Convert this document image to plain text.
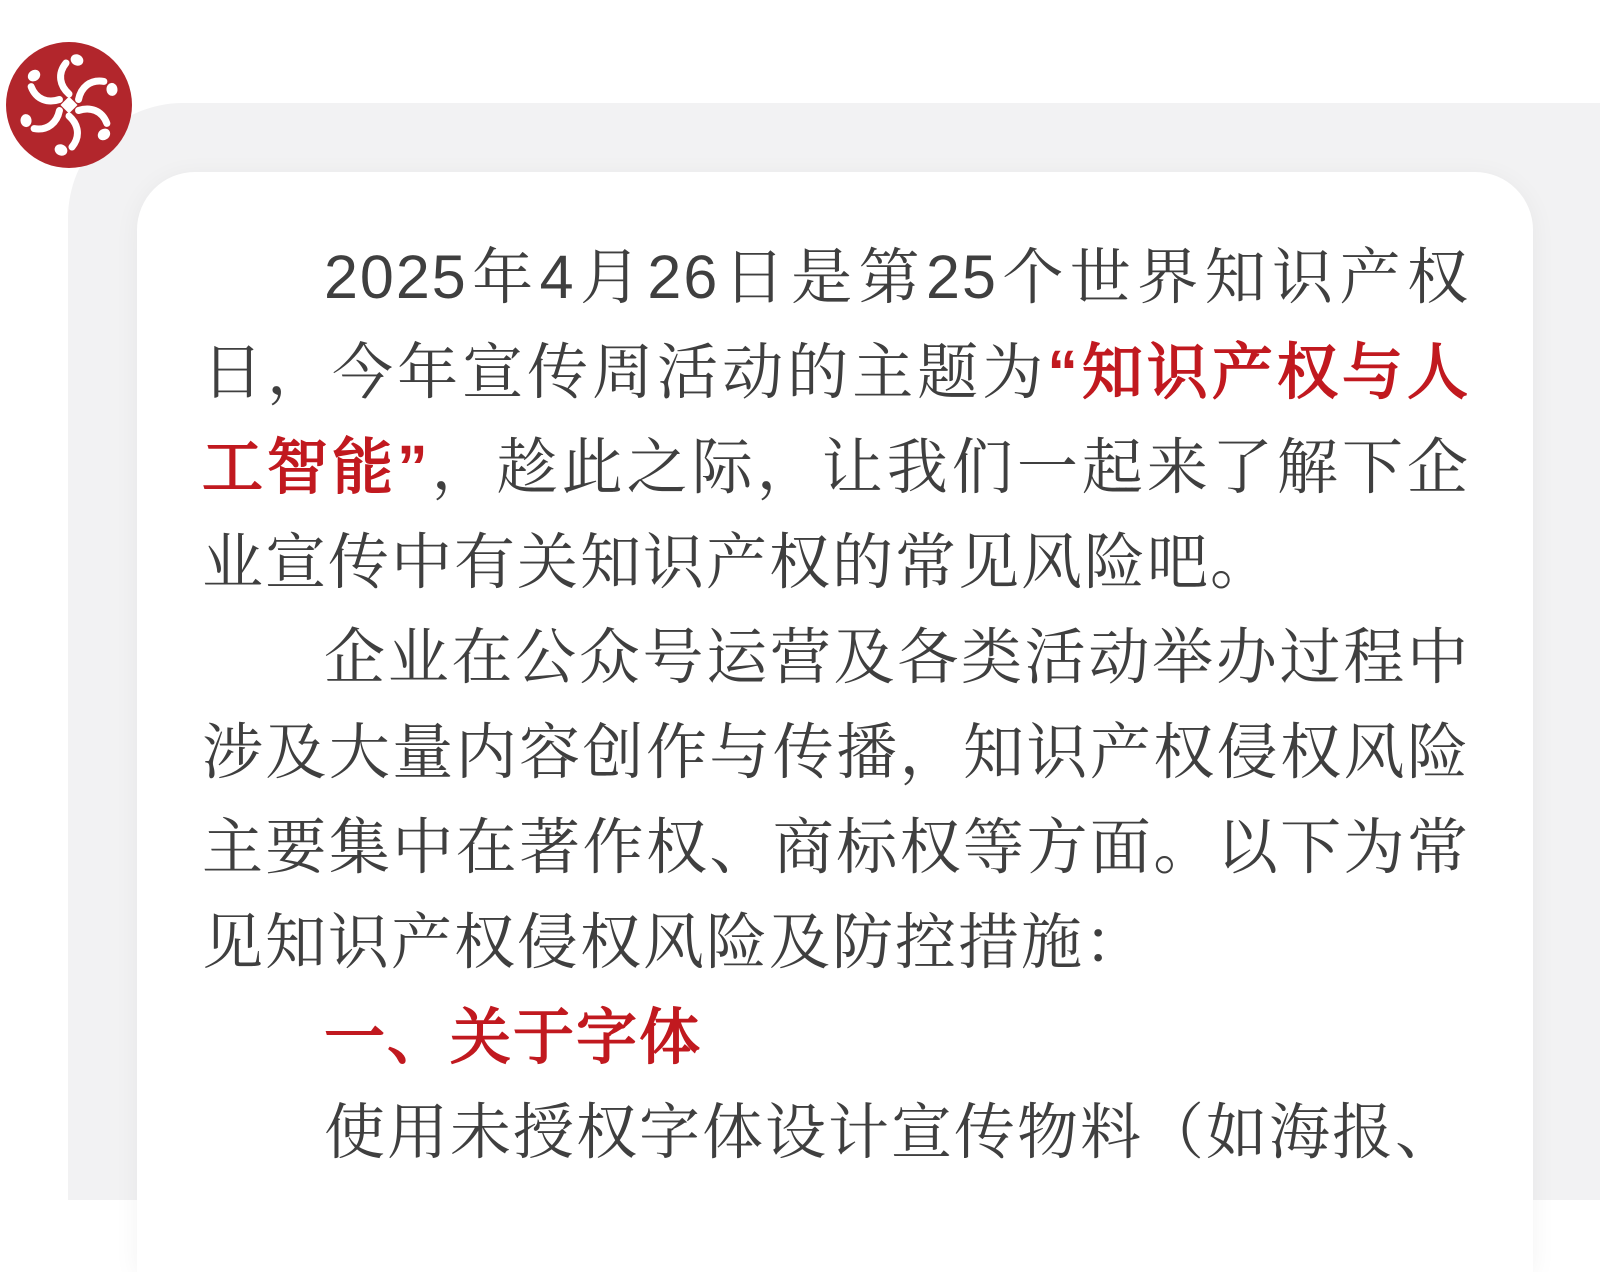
2025年4月26日是第25个世界知识产权日，今年宣传周活动的主题为“知识产权与人工智能”，趁此之际，让我们一起来了解下企业宣传中有关知识产权的常见风险吧。

企业在公众号运营及各类活动举办过程中涉及大量内容创作与传播，知识产权侵权风险主要集中在著作权、商标权等方面。以下为常见知识产权侵权风险及防控措施：

一、关于字体

使用未授权字体设计宣传物料（如海报、
